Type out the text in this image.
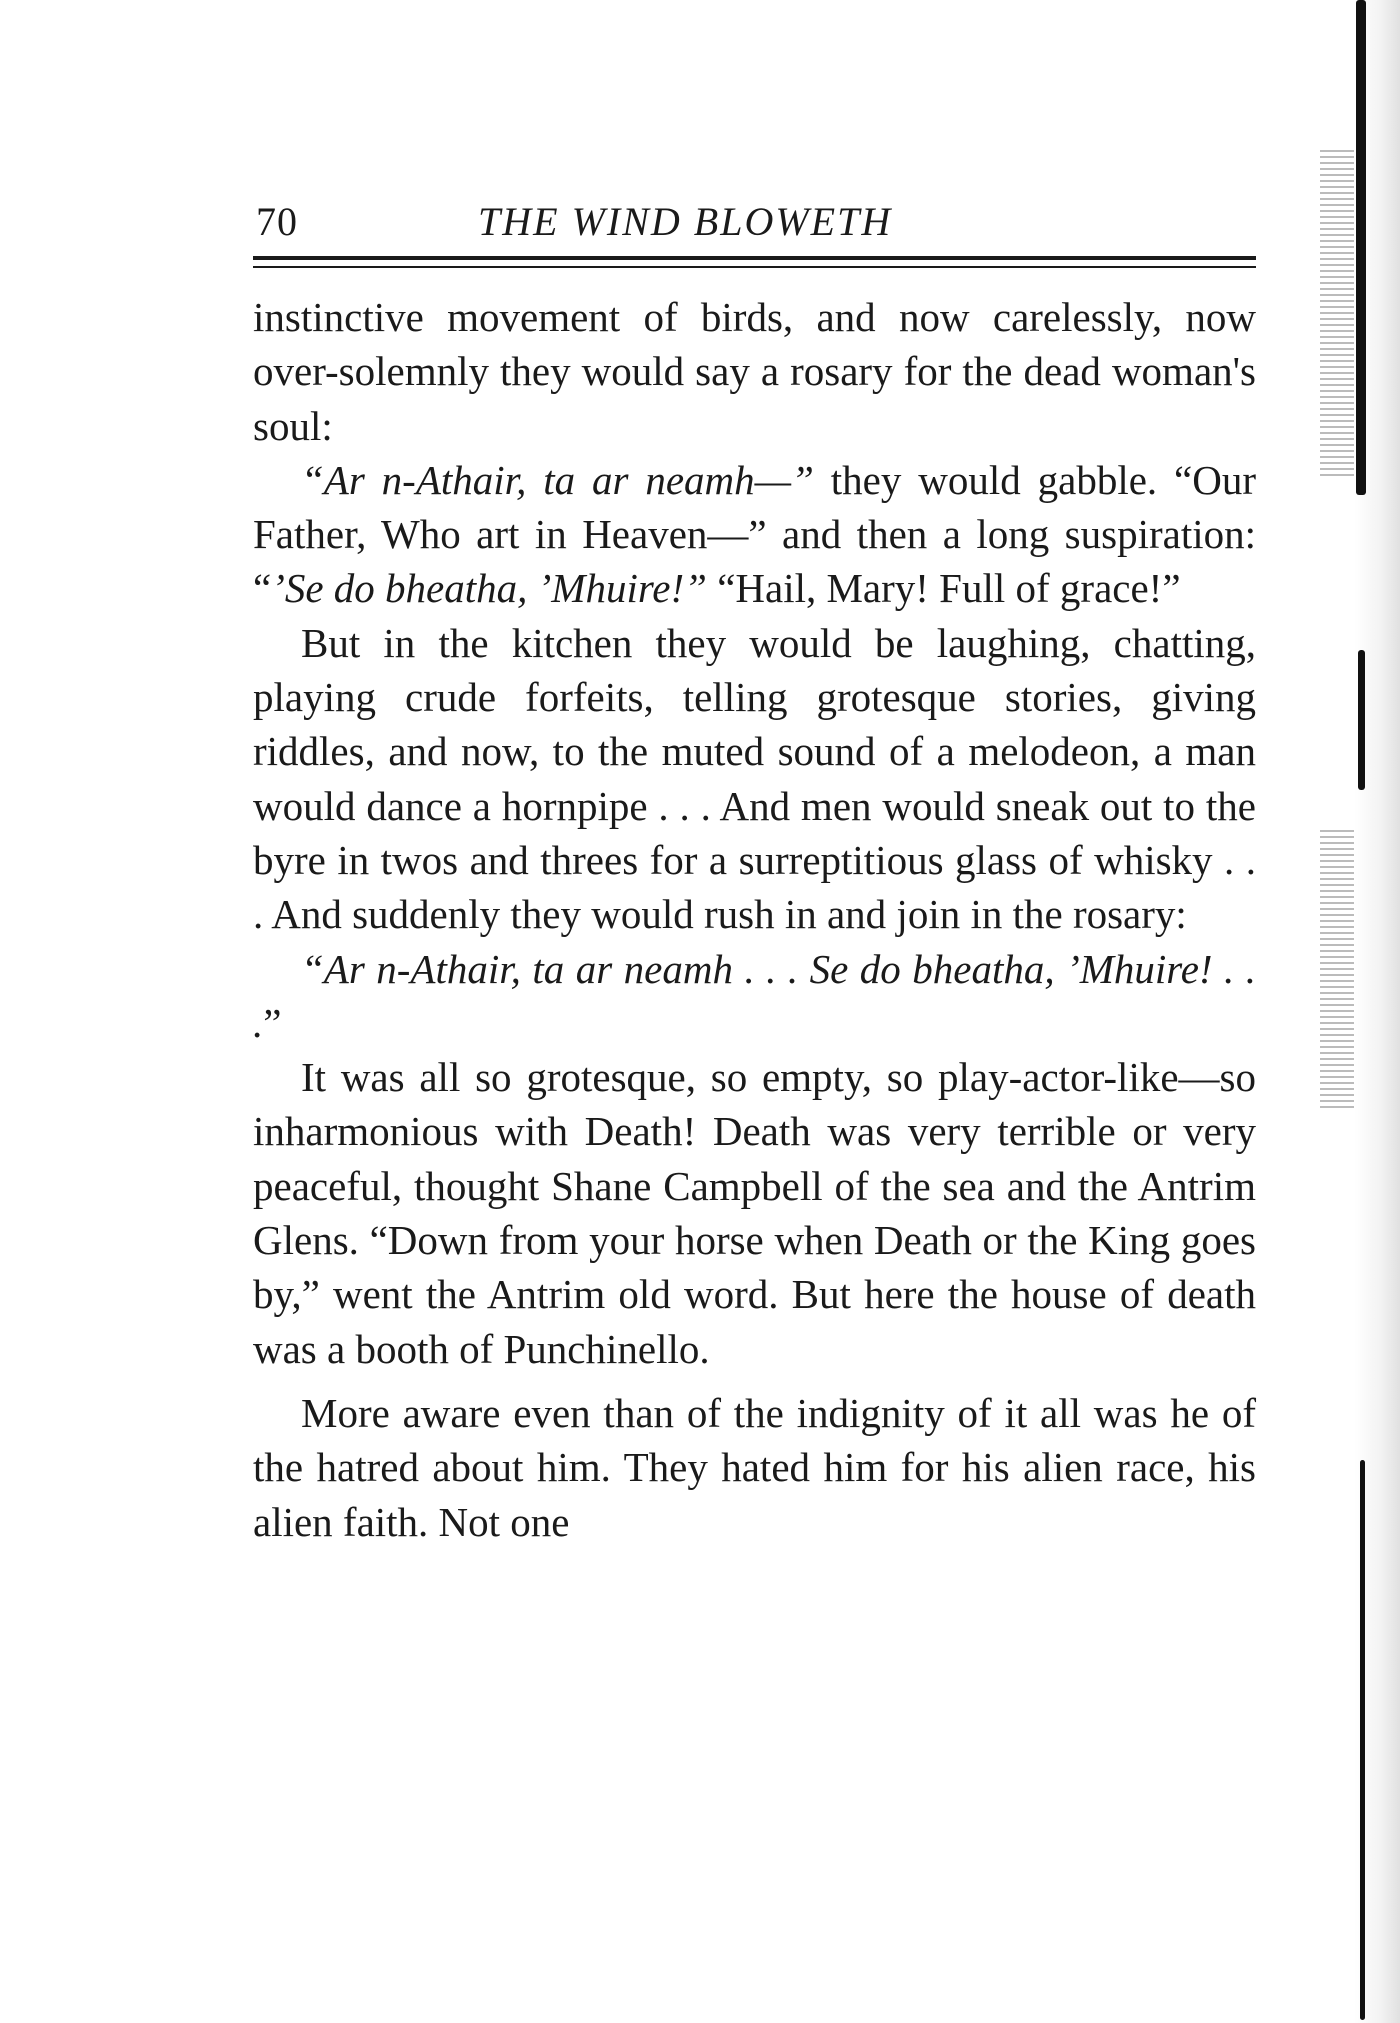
70	THE WIND BLOWETH

instinctive movement of birds, and now carelessly, now over-solemnly they would say a rosary for the dead woman's soul:

“Ar n-Athair, ta ar neamh—” they would gabble. “Our Father, Who art in Heaven—” and then a long suspiration: “’Se do bheatha, ’Mhuire!” “Hail, Mary! Full of grace!”

But in the kitchen they would be laughing, chatting, playing crude forfeits, telling grotesque stories, giving riddles, and now, to the muted sound of a melodeon, a man would dance a hornpipe . . . And men would sneak out to the byre in twos and threes for a surreptitious glass of whisky . . . And suddenly they would rush in and join in the rosary:

“Ar n-Athair, ta ar neamh . . . Se do bheatha, ’Mhuire! . . .”

It was all so grotesque, so empty, so play-actor-like—so inharmonious with Death! Death was very terrible or very peaceful, thought Shane Campbell of the sea and the Antrim Glens. “Down from your horse when Death or the King goes by,” went the Antrim old word. But here the house of death was a booth of Punchinello.

More aware even than of the indignity of it all was he of the hatred about him. They hated him for his alien race, his alien faith. Not one
